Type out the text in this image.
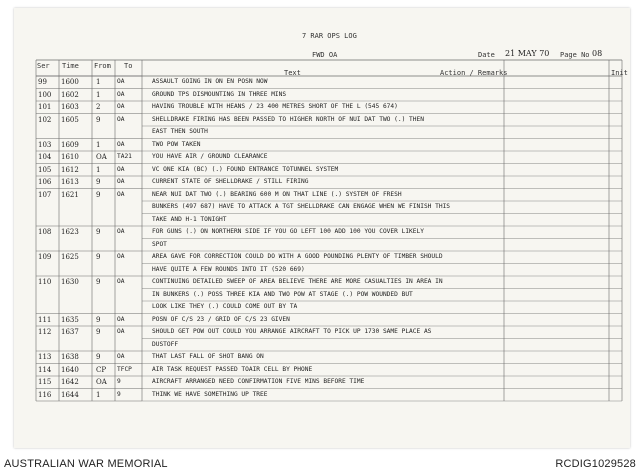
7 RAR OPS LOG
FWD OA	Date 21 MAY 70 Page No 08
Ser Time From To
Text	Action / Remarks	Init
99	1600	1	OA	ASSAULT GOING IN ON EN POSN NOW
100	1602	1	OA	GROUND TPS DISMOUNTING IN THREE MINS
101	1603	2	OA	HAVING TROUBLE WITH HEANS / 23 400 METRES SHORT OF THE L (545 674)
102	1605	9	OA	SHELLDRAKE FIRING HAS BEEN PASSED TO HIGHER NORTH OF NUI DAT TWO (.) THEN
EAST THEN SOUTH
103	1609	1	OA	TWO POW TAKEN
104	1610	OA	TA21	YOU HAVE AIR / GROUND CLEARANCE
105	1612	1	OA	VC ONE KIA (BC) (.) FOUND ENTRANCE TOTUNNEL SYSTEM
106	1613	9	OA	CURRENT STATE OF SHELLDRAKE / STILL FIRING
107	1621	9	OA	NEAR NUI DAT TWO (.) BEARING 600 M ON THAT LINE (.) SYSTEM OF FRESH
BUNKERS (497 687) HAVE TO ATTACK A TGT SHELLDRAKE CAN ENGAGE WHEN WE FINISH THIS
TAKE AND H-1 TONIGHT
108	1623	9	OA	FOR GUNS (.) ON NORTHERN SIDE IF YOU GO LEFT 100 ADD 100 YOU COVER LIKELY
SPOT
109	1625	9	OA	AREA GAVE FOR CORRECTION COULD DO WITH A GOOD POUNDING PLENTY OF TIMBER SHOULD
HAVE QUITE A FEW ROUNDS INTO IT (520 669)
110	1630	9	OA	CONTINUING DETAILED SWEEP OF AREA BELIEVE THERE ARE MORE CASUALTIES IN AREA IN
IN BUNKERS (.) POSS THREE KIA AND TWO POW AT STAGE (.) POW WOUNDED BUT
LOOK LIKE THEY (.) COULD COME OUT BY TA
111	1635	9	OA	POSN OF C/S 23 / GRID OF C/S 23 GIVEN
112	1637	9	OA	SHOULD GET POW OUT COULD YOU ARRANGE AIRCRAFT TO PICK UP 1730 SAME PLACE AS
DUSTOFF
113	1638	9	OA	THAT LAST FALL OF SHOT BANG ON
114	1640	CP	TFCP	AIR TASK REQUEST PASSED TOAIR CELL BY PHONE
115	1642	OA	9	AIRCRAFT ARRANGED NEED CONFIRMATION FIVE MINS BEFORE TIME
116	1644	1	9	THINK WE HAVE SOMETHING UP TREE
AUSTRALIAN WAR MEMORIAL	RCDIG1029528
